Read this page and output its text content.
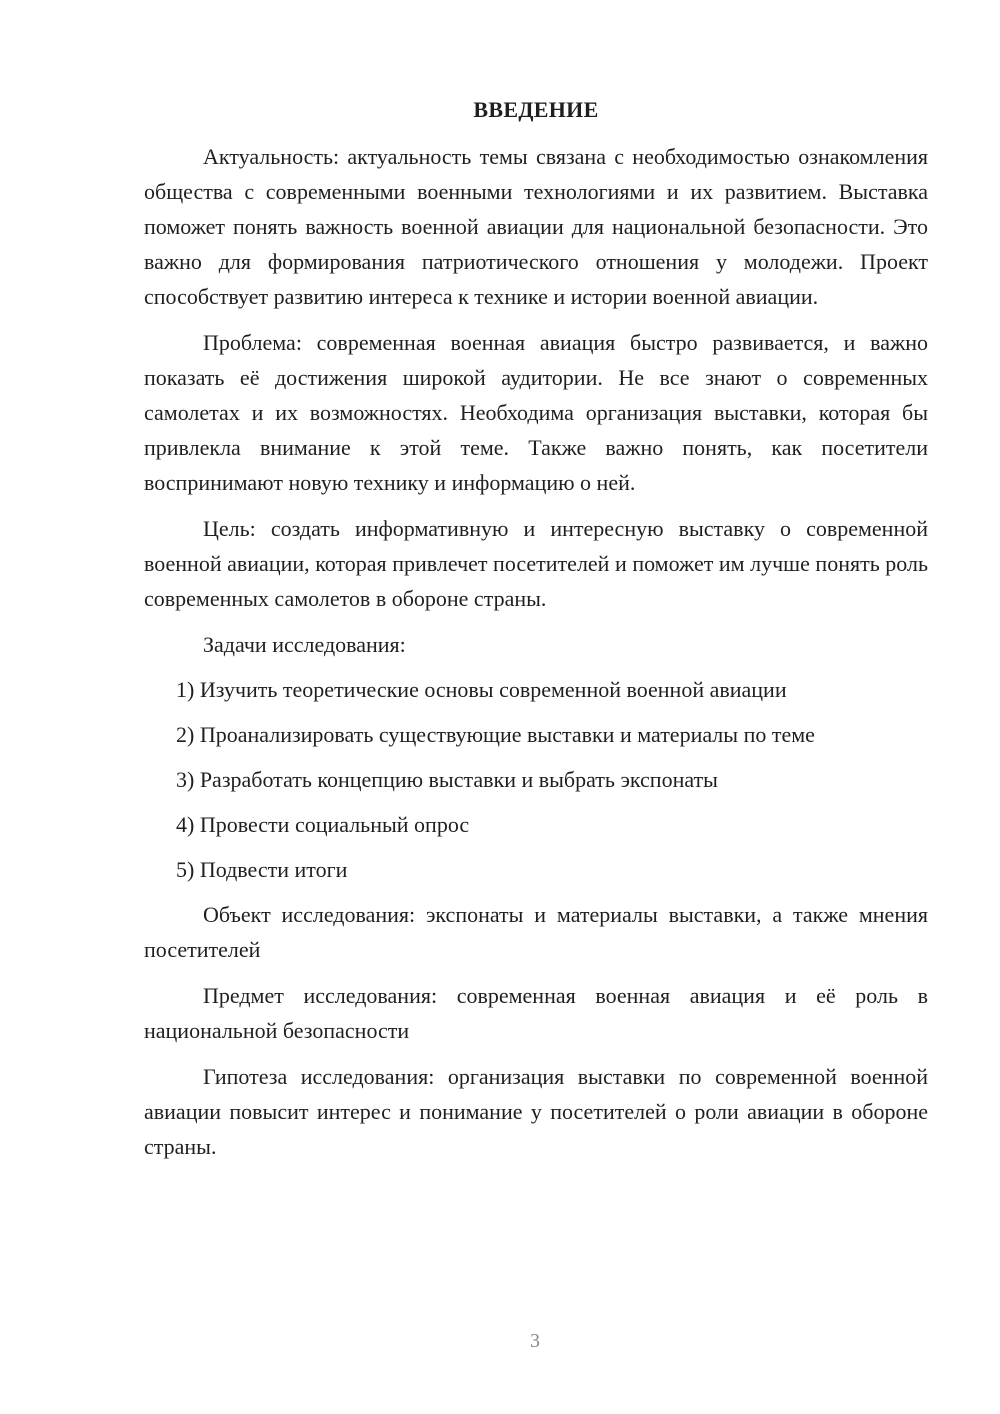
ВВЕДЕНИЕ

Актуальность: актуальность темы связана с необходимостью ознакомления общества с современными военными технологиями и их развитием. Выставка поможет понять важность военной авиации для национальной безопасности. Это важно для формирования патриотического отношения у молодежи. Проект способствует развитию интереса к технике и истории военной авиации.

Проблема: современная военная авиация быстро развивается, и важно показать её достижения широкой аудитории. Не все знают о современных самолетах и их возможностях. Необходима организация выставки, которая бы привлекла внимание к этой теме. Также важно понять, как посетители воспринимают новую технику и информацию о ней.

Цель: создать информативную и интересную выставку о современной военной авиации, которая привлечет посетителей и поможет им лучше понять роль современных самолетов в обороне страны.

Задачи исследования:

1) Изучить теоретические основы современной военной авиации

2) Проанализировать существующие выставки и материалы по теме

3) Разработать концепцию выставки и выбрать экспонаты

4) Провести социальный опрос

5) Подвести итоги

Объект исследования: экспонаты и материалы выставки, а также мнения посетителей

Предмет исследования: современная военная авиация и её роль в национальной безопасности

Гипотеза исследования: организация выставки по современной военной авиации повысит интерес и понимание у посетителей о роли авиации в обороне страны.

3
